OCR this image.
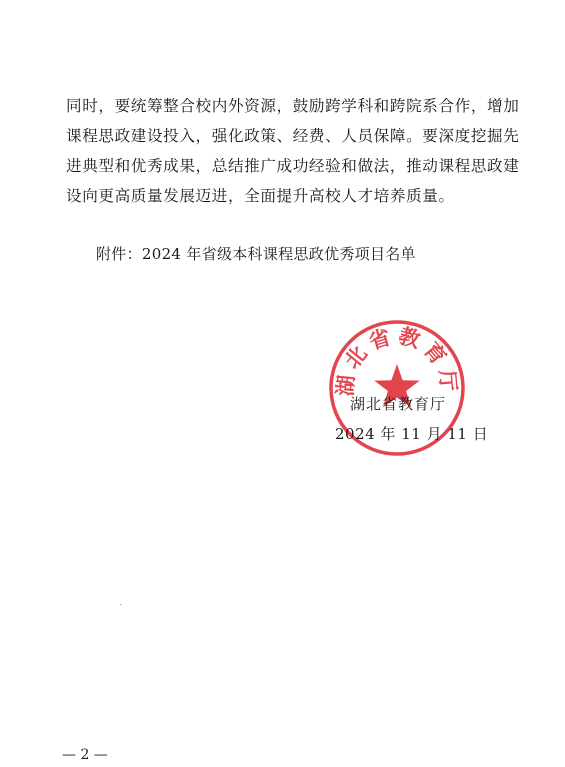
同时，要统筹整合校内外资源，鼓励跨学科和跨院系合作，增加
课程思政建设投入，强化政策、经费、人员保障。要深度挖掘先
进典型和优秀成果，总结推广成功经验和做法，推动课程思政建
设向更高质量发展迈进，全面提升高校人才培养质量。
附件：2024 年省级本科课程思政优秀项目名单
湖北省教育厅
湖北省教育厅
2024 年 11 月 11 日
— 2 —
